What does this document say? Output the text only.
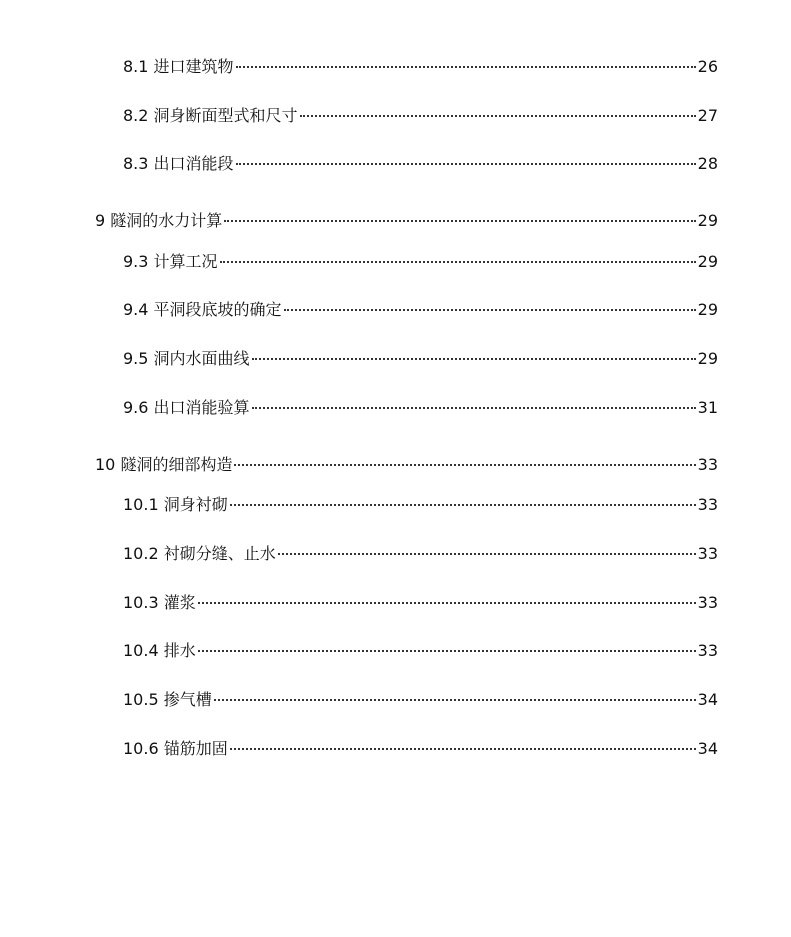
8.1 进口建筑物	26
8.2 洞身断面型式和尺寸	27
8.3 出口消能段	28
9 隧洞的水力计算	29
9.3 计算工况	29
9.4 平洞段底坡的确定	29
9.5 洞内水面曲线	29
9.6 出口消能验算	31
10 隧洞的细部构造	33
10.1 洞身衬砌	33
10.2 衬砌分缝、止水	33
10.3 灌浆	33
10.4 排水	33
10.5 掺气槽	34
10.6 锚筋加固	34
